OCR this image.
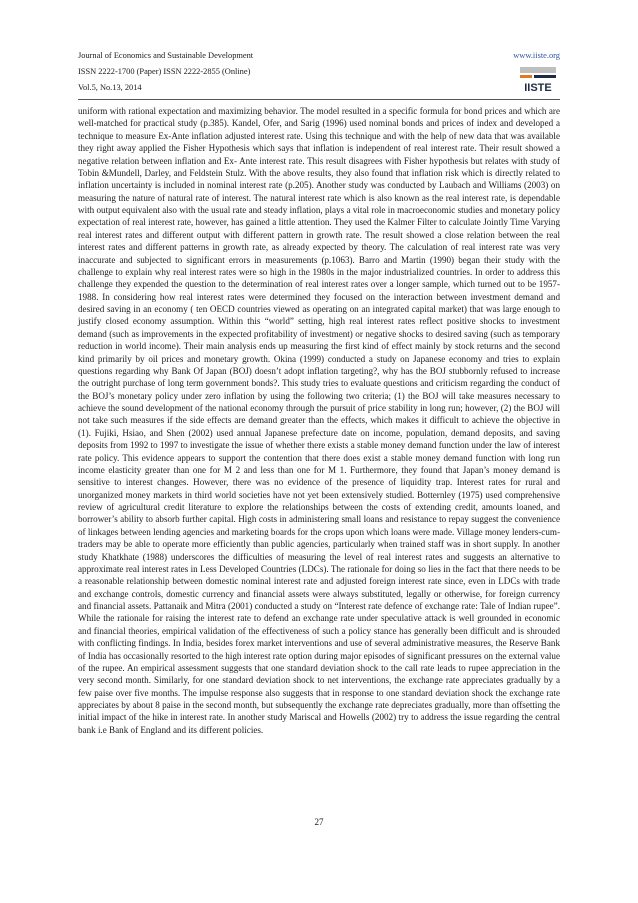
Journal of Economics and Sustainable Development
ISSN 2222-1700 (Paper) ISSN 2222-2855 (Online)
Vol.5, No.13, 2014
www.iiste.org
IISTE

uniform with rational expectation and maximizing behavior. The model resulted in a specific formula for bond prices and which are well-matched for practical study (p.385). Kandel, Ofer, and Sarig (1996) used nominal bonds and prices of index and developed a technique to measure Ex-Ante inflation adjusted interest rate. Using this technique and with the help of new data that was available they right away applied the Fisher Hypothesis which says that inflation is independent of real interest rate. Their result showed a negative relation between inflation and Ex- Ante interest rate. This result disagrees with Fisher hypothesis but relates with study of Tobin &Mundell, Darley, and Feldstein Stulz. With the above results, they also found that inflation risk which is directly related to inflation uncertainty is included in nominal interest rate (p.205). Another study was conducted by Laubach and Williams (2003) on measuring the nature of natural rate of interest. The natural interest rate which is also known as the real interest rate, is dependable with output equivalent also with the usual rate and steady inflation, plays a vital role in macroeconomic studies and monetary policy expectation of real interest rate, however, has gained a little attention. They used the Kalmer Filter to calculate Jointly Time Varying real interest rates and different output with different pattern in growth rate. The result showed a close relation between the real interest rates and different patterns in growth rate, as already expected by theory. The calculation of real interest rate was very inaccurate and subjected to significant errors in measurements (p.1063). Barro and Martin (1990) began their study with the challenge to explain why real interest rates were so high in the 1980s in the major industrialized countries. In order to address this challenge they expended the question to the determination of real interest rates over a longer sample, which turned out to be 1957-1988. In considering how real interest rates were determined they focused on the interaction between investment demand and desired saving in an economy ( ten OECD countries viewed as operating on an integrated capital market) that was large enough to justify closed economy assumption. Within this “world” setting, high real interest rates reflect positive shocks to investment demand (such as improvements in the expected profitability of investment) or negative shocks to desired saving (such as temporary reduction in world income). Their main analysis ends up measuring the first kind of effect mainly by stock returns and the second kind primarily by oil prices and monetary growth. Okina (1999) conducted a study on Japanese economy and tries to explain questions regarding why Bank Of Japan (BOJ) doesn’t adopt inflation targeting?, why has the BOJ stubbornly refused to increase the outright purchase of long term government bonds?. This study tries to evaluate questions and criticism regarding the conduct of the BOJ’s monetary policy under zero inflation by using the following two criteria; (1) the BOJ will take measures necessary to achieve the sound development of the national economy through the pursuit of price stability in long run; however, (2) the BOJ will not take such measures if the side effects are demand greater than the effects, which makes it difficult to achieve the objective in (1). Fujiki, Hsiao, and Shen (2002) used annual Japanese prefecture date on income, population, demand deposits, and saving deposits from 1992 to 1997 to investigate the issue of whether there exists a stable money demand function under the law of interest rate policy. This evidence appears to support the contention that there does exist a stable money demand function with long run income elasticity greater than one for M 2 and less than one for M 1. Furthermore, they found that Japan’s money demand is sensitive to interest changes. However, there was no evidence of the presence of liquidity trap. Interest rates for rural and unorganized money markets in third world societies have not yet been extensively studied. Botternley (1975) used comprehensive review of agricultural credit literature to explore the relationships between the costs of extending credit, amounts loaned, and borrower’s ability to absorb further capital. High costs in administering small loans and resistance to repay suggest the convenience of linkages between lending agencies and marketing boards for the crops upon which loans were made. Village money lenders-cum-traders may be able to operate more efficiently than public agencies, particularly when trained staff was in short supply. In another study Khatkhate (1988) underscores the difficulties of measuring the level of real interest rates and suggests an alternative to approximate real interest rates in Less Developed Countries (LDCs). The rationale for doing so lies in the fact that there needs to be a reasonable relationship between domestic nominal interest rate and adjusted foreign interest rate since, even in LDCs with trade and exchange controls, domestic currency and financial assets were always substituted, legally or otherwise, for foreign currency and financial assets. Pattanaik and Mitra (2001) conducted a study on “Interest rate defence of exchange rate: Tale of Indian rupee”. While the rationale for raising the interest rate to defend an exchange rate under speculative attack is well grounded in economic and financial theories, empirical validation of the effectiveness of such a policy stance has generally been difficult and is shrouded with conflicting findings. In India, besides forex market interventions and use of several administrative measures, the Reserve Bank of India has occasionally resorted to the high interest rate option during major episodes of significant pressures on the external value of the rupee. An empirical assessment suggests that one standard deviation shock to the call rate leads to rupee appreciation in the very second month. Similarly, for one standard deviation shock to net interventions, the exchange rate appreciates gradually by a few paise over five months. The impulse response also suggests that in response to one standard deviation shock the exchange rate appreciates by about 8 paise in the second month, but subsequently the exchange rate depreciates gradually, more than offsetting the initial impact of the hike in interest rate. In another study Mariscal and Howells (2002) try to address the issue regarding the central bank i.e Bank of England and its different policies.

27
